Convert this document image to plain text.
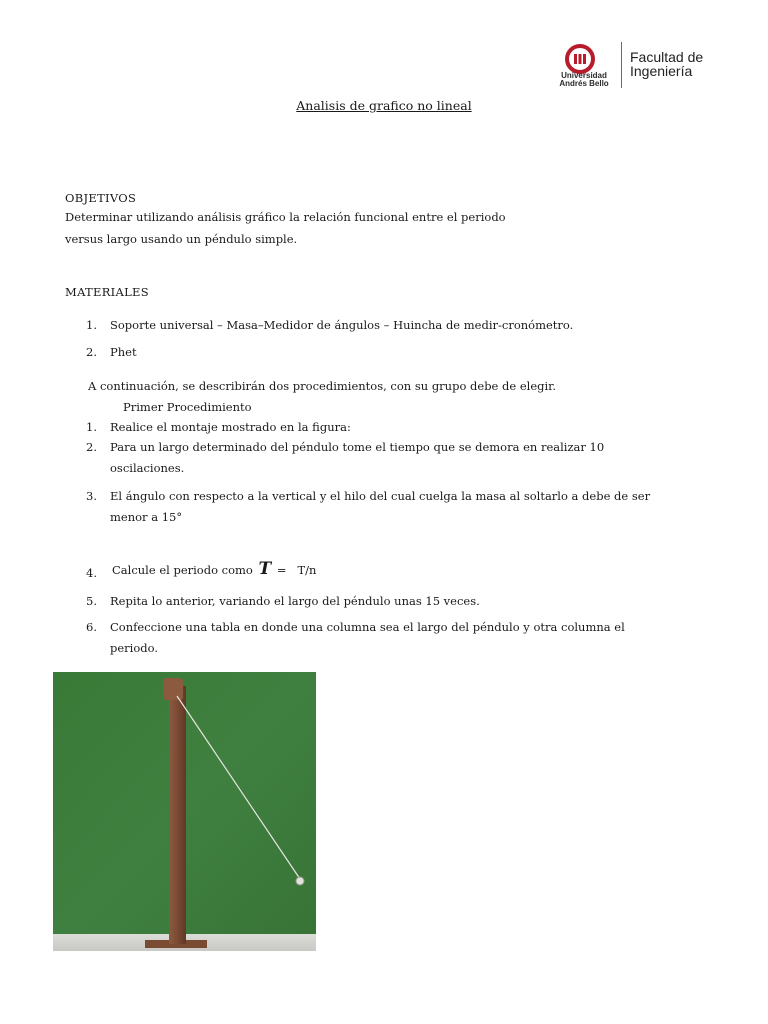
Universidad
Andrés Bello
Facultad de
Ingeniería
Analisis de grafico no lineal
OBJETIVOS
Determinar utilizando análisis gráfico la relación funcional entre el periodo
versus largo usando un péndulo simple.
MATERIALES
1. Soporte universal – Masa–Medidor de ángulos – Huincha de medir-cronómetro.
2. Phet
A continuación, se describirán dos procedimientos, con su grupo debe de elegir.
Primer Procedimiento
1. Realice el montaje mostrado en la figura:
2. Para un largo determinado del péndulo tome el tiempo que se demora en realizar 10
oscilaciones.
3. El ángulo con respecto a la vertical y el hilo del cual cuelga la masa al soltarlo a debe de ser
menor a 15°
4. Calcule el periodo como T = T/n
5. Repita lo anterior, variando el largo del péndulo unas 15 veces.
6. Confeccione una tabla en donde una columna sea el largo del péndulo y otra columna el
periodo.
